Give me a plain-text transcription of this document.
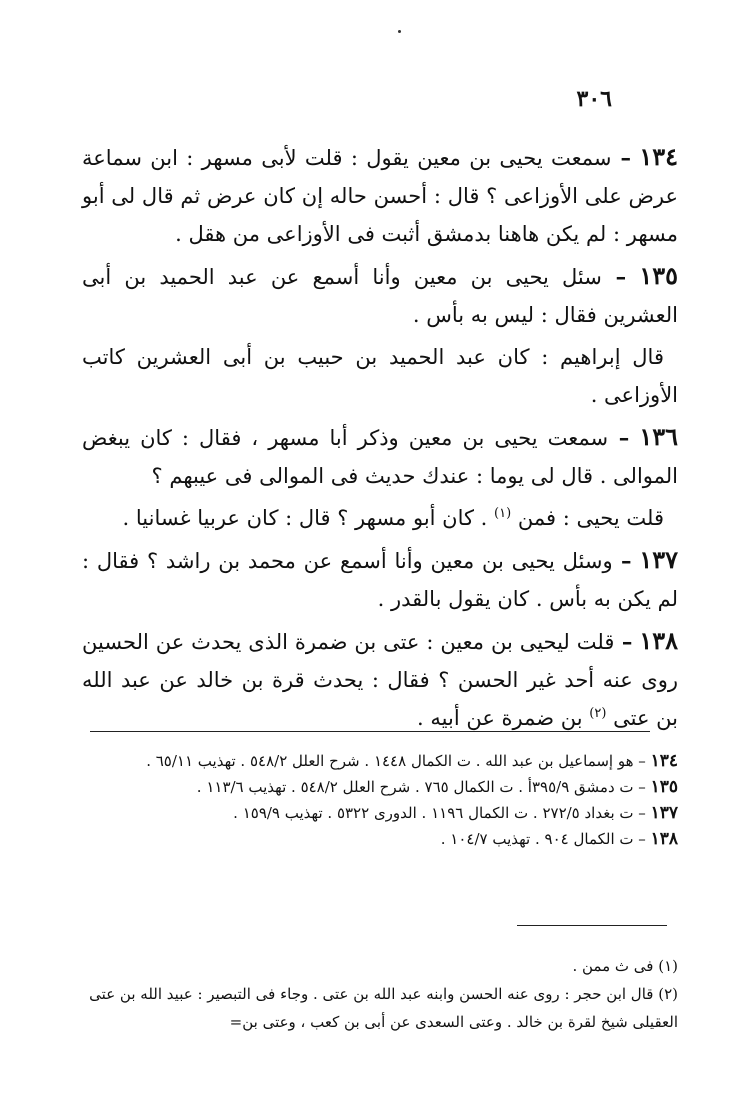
٣٠٦

١٣٤ – سمعت يحيى بن معين يقول : قلت لأبى مسهر : ابن سماعة عرض على الأوزاعى ؟ قال : أحسن حاله إن كان عرض ثم قال لى أبو مسهر : لم يكن هاهنا بدمشق أثبت فى الأوزاعى من هقل .

١٣٥ – سئل يحيى بن معين وأنا أسمع عن عبد الحميد بن أبى العشرين فقال : ليس به بأس .

قال إبراهيم : كان عبد الحميد بن حبيب بن أبى العشرين كاتب الأوزاعى .

١٣٦ – سمعت يحيى بن معين وذكر أبا مسهر ، فقال : كان يبغض الموالى . قال لى يوما : عندك حديث فى الموالى فى عيبهم ؟

قلت يحيى : فمن $^{(١)}$ . كان أبو مسهر ؟ قال : كان عربيا غسانيا .

١٣٧ – وسئل يحيى بن معين وأنا أسمع عن محمد بن راشد ؟ فقال : لم يكن به بأس . كان يقول بالقدر .

١٣٨ – قلت ليحيى بن معين : عتى بن ضمرة الذى يحدث عن الحسين روى عنه أحد غير الحسن ؟ فقال : يحدث قرة بن خالد عن عبد الله بن عتى $^{(٢)}$ بن ضمرة عن أبيه .

١٣٤ – هو إسماعيل بن عبد الله . ت الكمال ١٤٤٨ . شرح العلل ٥٤٨/٢ . تهذيب ٦٥/١١ .

١٣٥ – ت دمشق ٣٩٥/٩أ . ت الكمال ٧٦٥ . شرح العلل ٥٤٨/٢ . تهذيب ١١٣/٦ .

١٣٧ – ت بغداد ٢٧٢/٥ . ت الكمال ١١٩٦ . الدورى ٥٣٢٢ . تهذيب ١٥٩/٩ .

١٣٨ – ت الكمال ٩٠٤ . تهذيب ١٠٤/٧ .

(١) فى ث ممن .

(٢) قال ابن حجر : روى عنه الحسن وابنه عبد الله بن عتى . وجاء فى التبصير : عبيد الله بن عتى العقيلى شيخ لقرة بن خالد . وعتى السعدى عن أبى بن كعب ، وعتى بن=
